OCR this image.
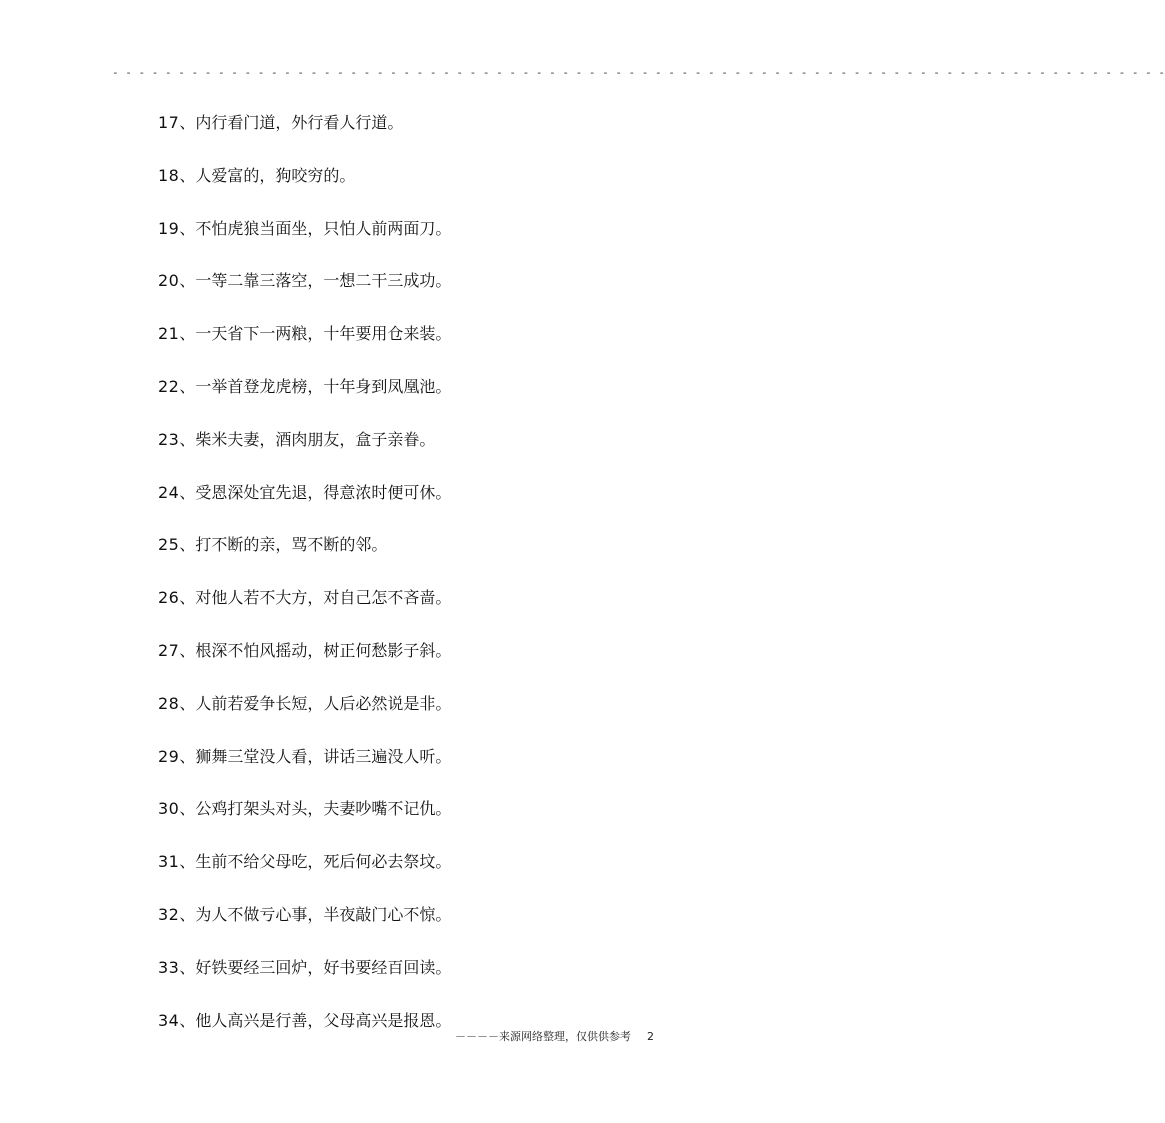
- - - - - - - - - - - - - - - - - - - - - - - - - - - - - - - - - - - - - - - - - - - - - - - - - - - - - - - - - - - - - - - - - - - - - - - - - - - - - - - -
17、内行看门道，外行看人行道。
18、人爱富的，狗咬穷的。
19、不怕虎狼当面坐，只怕人前两面刀。
20、一等二靠三落空，一想二干三成功。
21、一天省下一两粮，十年要用仓来装。
22、一举首登龙虎榜，十年身到凤凰池。
23、柴米夫妻，酒肉朋友，盒子亲眷。
24、受恩深处宜先退，得意浓时便可休。
25、打不断的亲，骂不断的邻。
26、对他人若不大方，对自己怎不吝啬。
27、根深不怕风摇动，树正何愁影子斜。
28、人前若爱争长短，人后必然说是非。
29、狮舞三堂没人看，讲话三遍没人听。
30、公鸡打架头对头，夫妻吵嘴不记仇。
31、生前不给父母吃，死后何必去祭坟。
32、为人不做亏心事，半夜敲门心不惊。
33、好铁要经三回炉，好书要经百回读。
34、他人高兴是行善，父母高兴是报恩。
－－－－来源网络整理，仅供供参考 2
